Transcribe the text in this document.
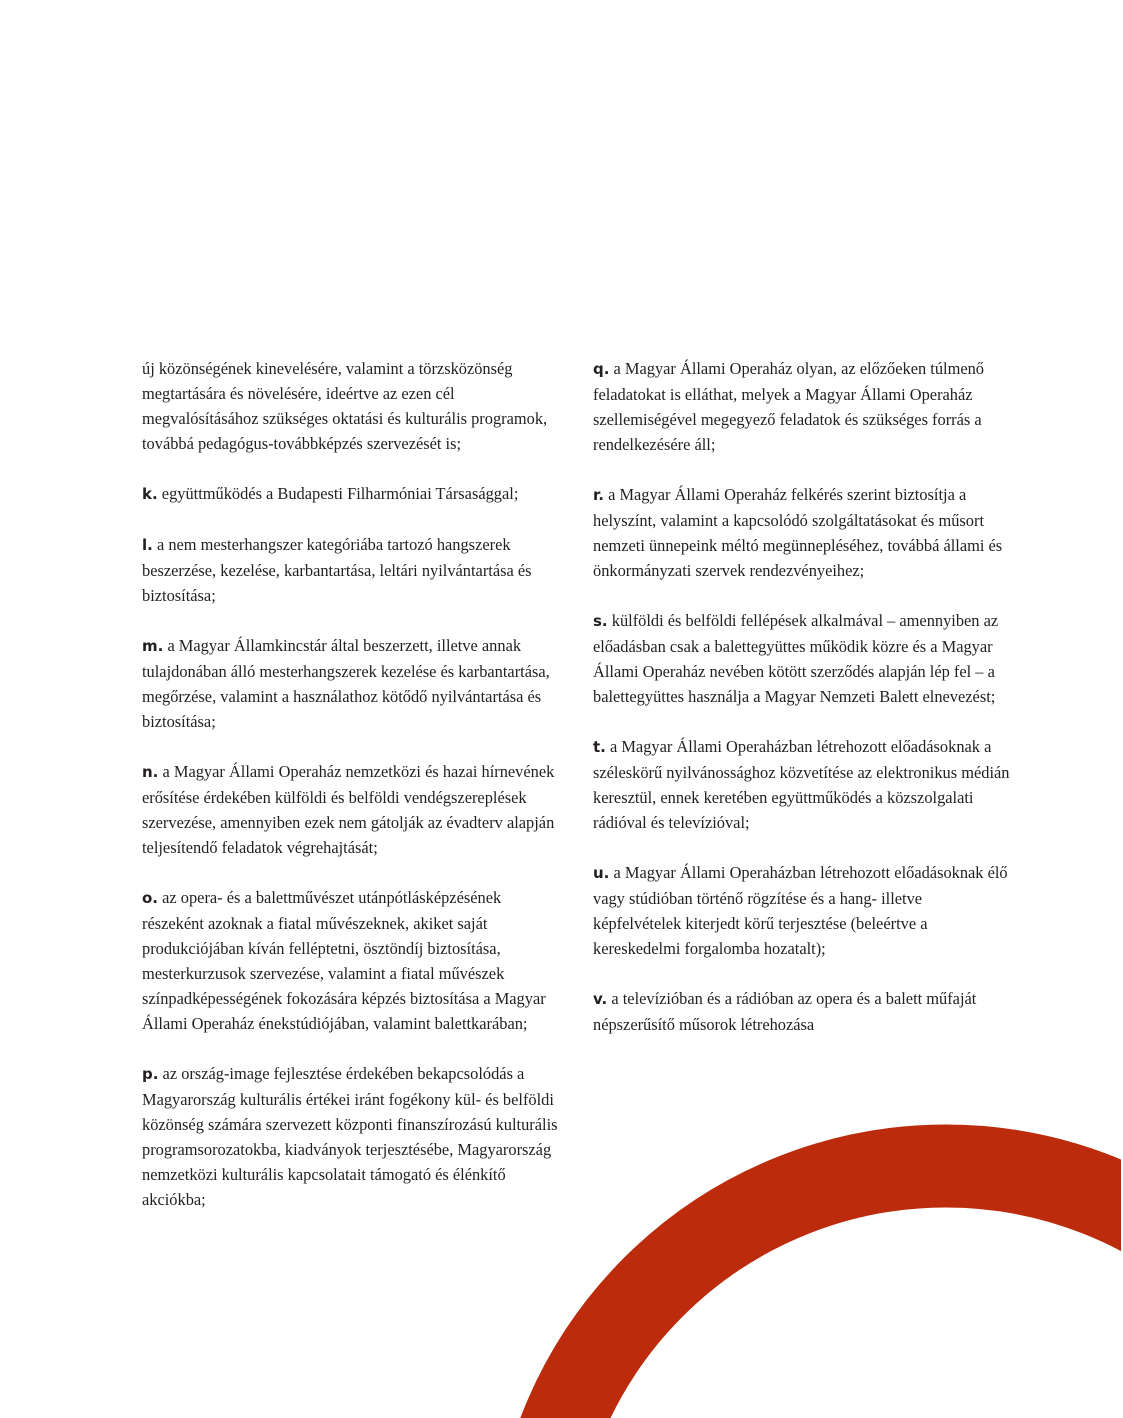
új közönségének kinevelésére, valamint a törzsközönség megtartására és növelésére, ideértve az ezen cél megvalósításához szükséges oktatási és kulturális programok, továbbá pedagógus-továbbképzés szervezését is;

k. együttműködés a Budapesti Filharmóniai Társasággal;

l. a nem mesterhangszer kategóriába tartozó hangszerek beszerzése, kezelése, karbantartása, leltári nyilvántartása és biztosítása;

m. a Magyar Államkincstár által beszerzett, illetve annak tulajdonában álló mesterhangszerek kezelése és karbantartása, megőrzése, valamint a használathoz kötődő nyilvántartása és biztosítása;

n. a Magyar Állami Operaház nemzetközi és hazai hírnevének erősítése érdekében külföldi és belföldi vendégszereplések szervezése, amennyiben ezek nem gátolják az évadterv alapján teljesítendő feladatok végrehajtását;

o. az opera- és a balettművészet utánpótlásképzésének részeként azoknak a fiatal művészeknek, akiket saját produkciójában kíván felléptetni, ösztöndíj biztosítása, mesterkurzusok szervezése, valamint a fiatal művészek színpadképességének fokozására képzés biztosítása a Magyar Állami Operaház énekstúdiójában, valamint balettkarában;

p. az ország-image fejlesztése érdekében bekapcsolódás a Magyarország kulturális értékei iránt fogékony kül- és belföldi közönség számára szervezett központi finanszírozású kulturális programsorozatokba, kiadványok terjesztésébe, Magyarország nemzetközi kulturális kapcsolatait támogató és élénkítő akciókba;

q. a Magyar Állami Operaház olyan, az előzőeken túlmenő feladatokat is elláthat, melyek a Magyar Állami Operaház szellemiségével megegyező feladatok és szükséges forrás a rendelkezésére áll;

r. a Magyar Állami Operaház felkérés szerint biztosítja a helyszínt, valamint a kapcsolódó szolgáltatásokat és műsort nemzeti ünnepeink méltó megünnepléséhez, továbbá állami és önkormányzati szervek rendezvényeihez;

s. külföldi és belföldi fellépések alkalmával – amennyiben az előadásban csak a balettegyüttes működik közre és a Magyar Állami Operaház nevében kötött szerződés alapján lép fel – a balettegyüttes használja a Magyar Nemzeti Balett elnevezést;

t. a Magyar Állami Operaházban létrehozott előadásoknak a széleskörű nyilvánossághoz közvetítése az elektronikus médián keresztül, ennek keretében együttműködés a közszolgalati rádióval és televízióval;

u. a Magyar Állami Operaházban létrehozott előadásoknak élő vagy stúdióban történő rögzítése és a hang- illetve képfelvételek kiterjedt körű terjesztése (beleértve a kereskedelmi forgalomba hozatalt);

v. a televízióban és a rádióban az opera és a balett műfaját népszerűsítő műsorok létrehozása
